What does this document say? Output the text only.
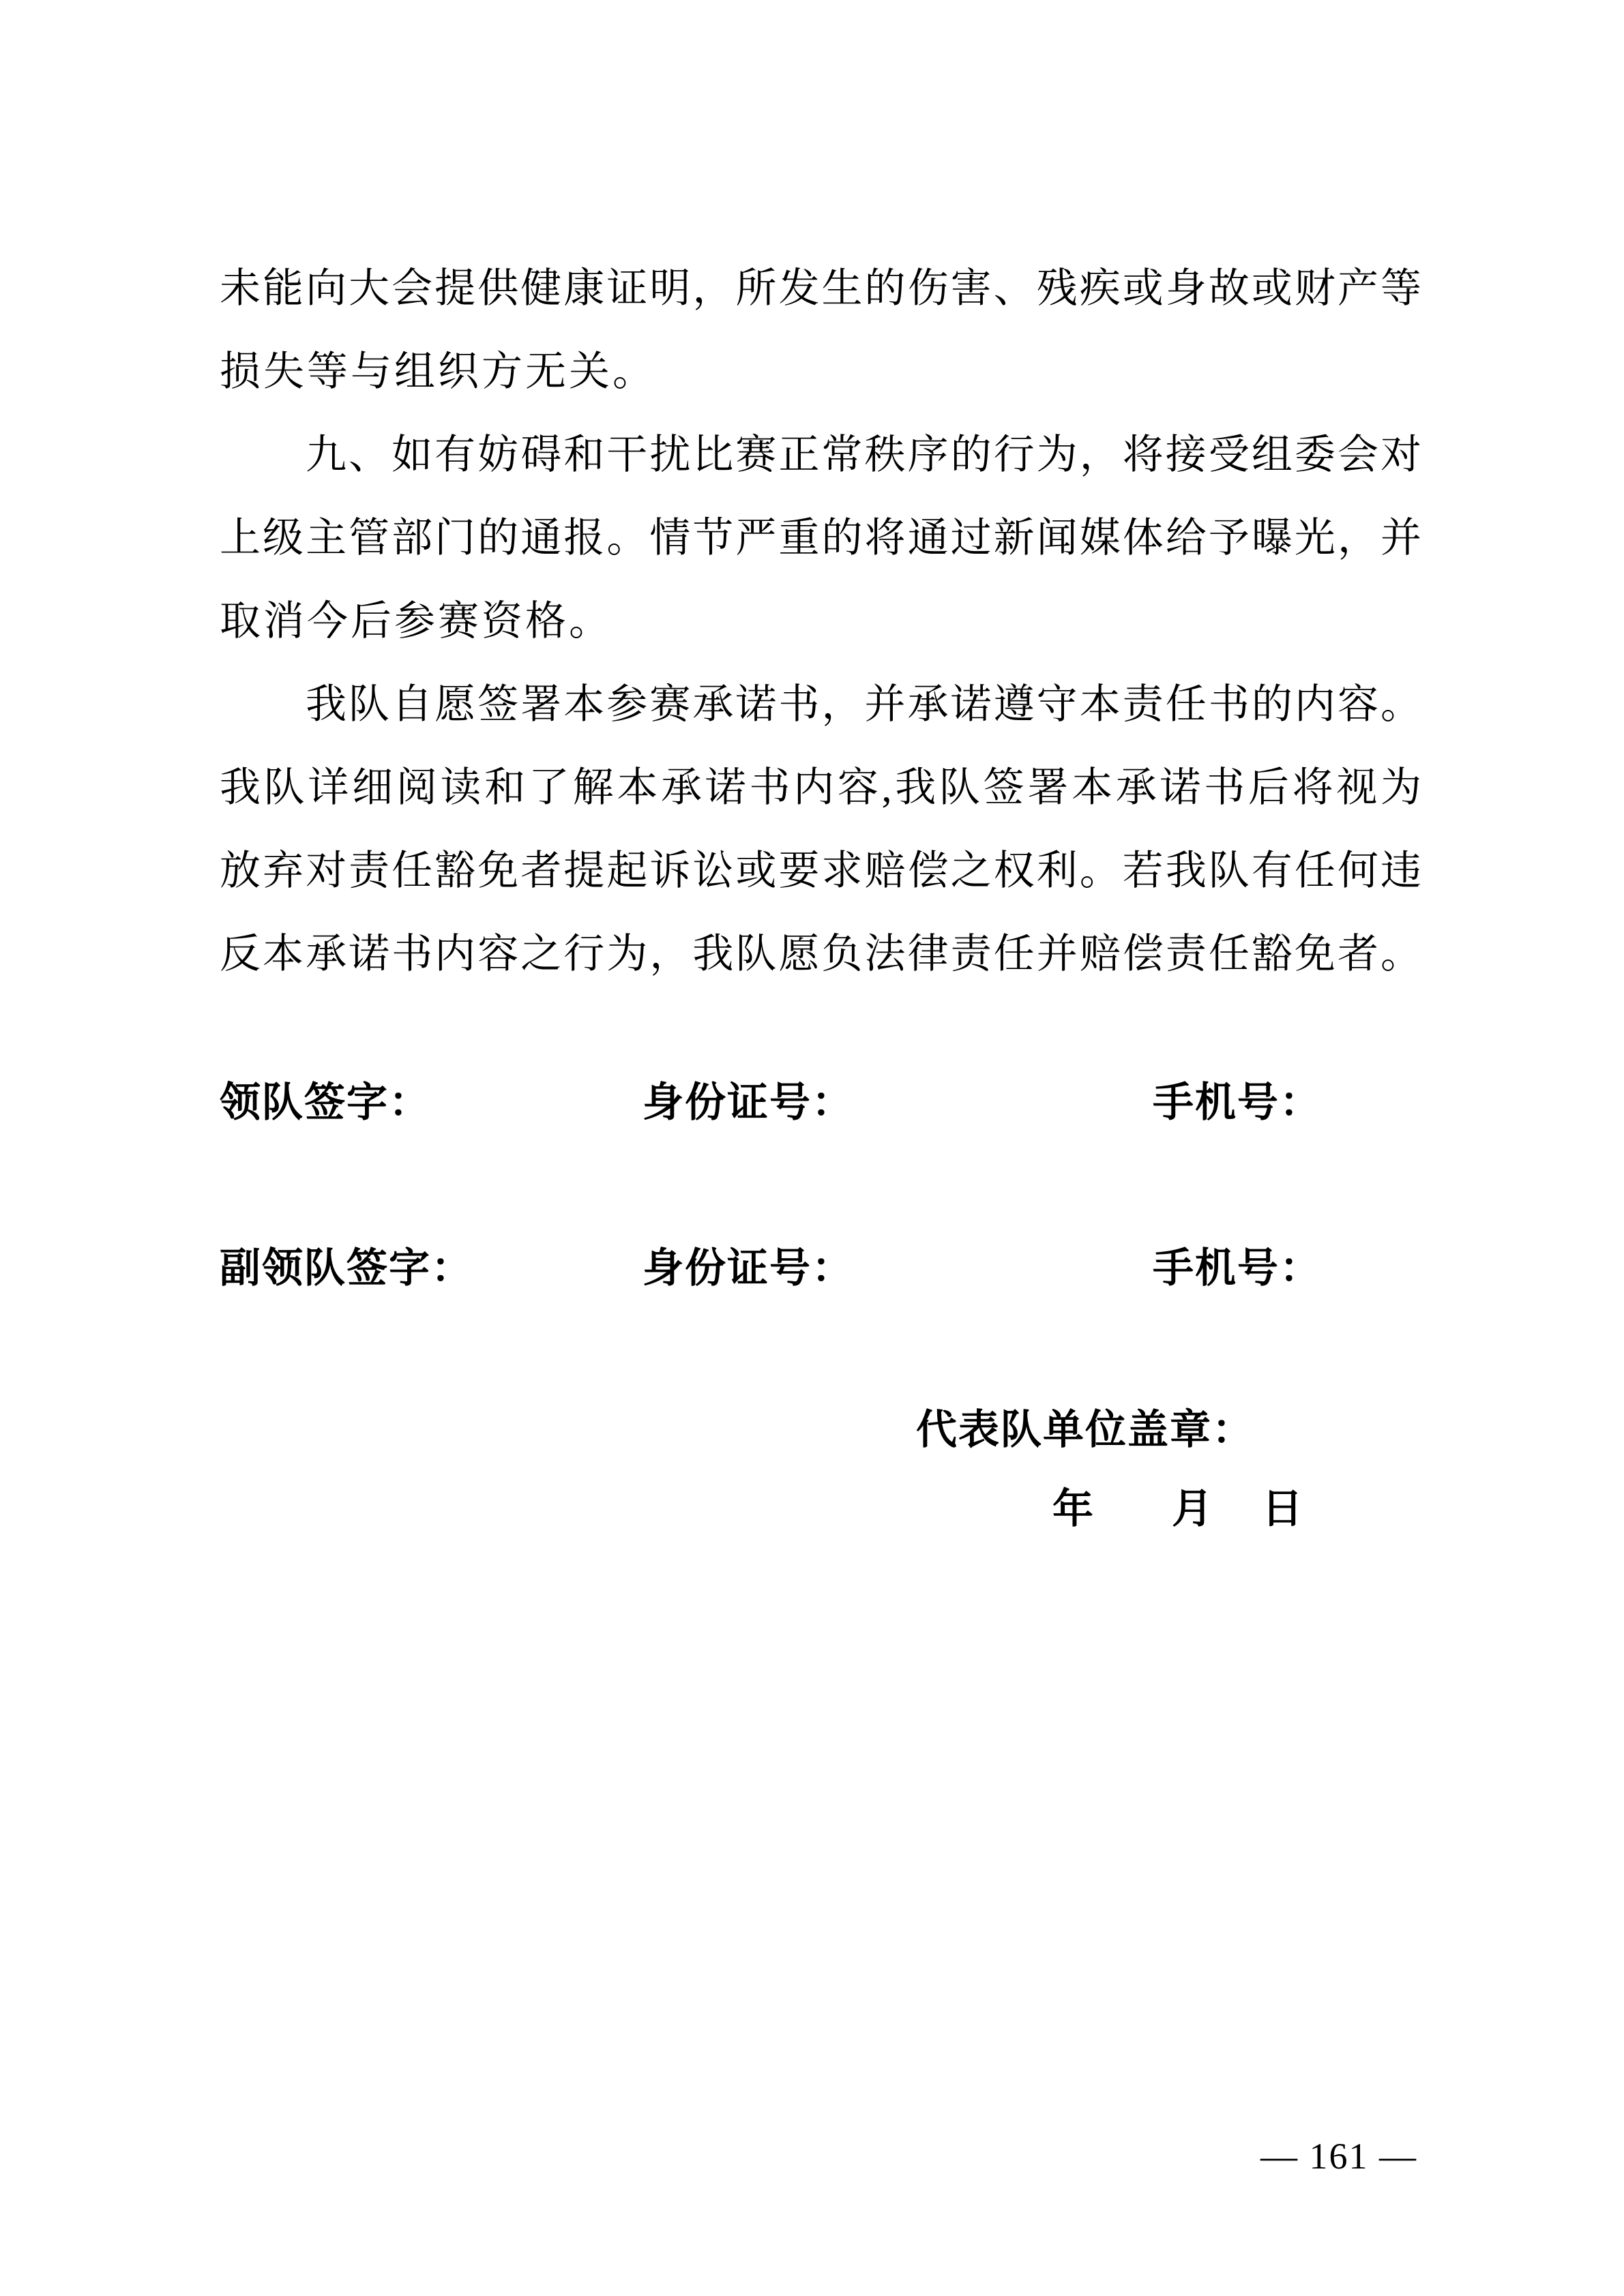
未能向大会提供健康证明，所发生的伤害、残疾或身故或财产等
损失等与组织方无关。
九、如有妨碍和干扰比赛正常秩序的行为，将接受组委会对
上级主管部门的通报。情节严重的将通过新闻媒体给予曝光，并
取消今后参赛资格。
我队自愿签署本参赛承诺书，并承诺遵守本责任书的内容。
我队详细阅读和了解本承诺书内容,我队签署本承诺书后将视为
放弃对责任豁免者提起诉讼或要求赔偿之权利。若我队有任何违
反本承诺书内容之行为，我队愿负法律责任并赔偿责任豁免者。
领队签字：	身份证号：	手机号：
副领队签字：	身份证号：	手机号：
代表队单位盖章：
年 月 日
— 161 —
